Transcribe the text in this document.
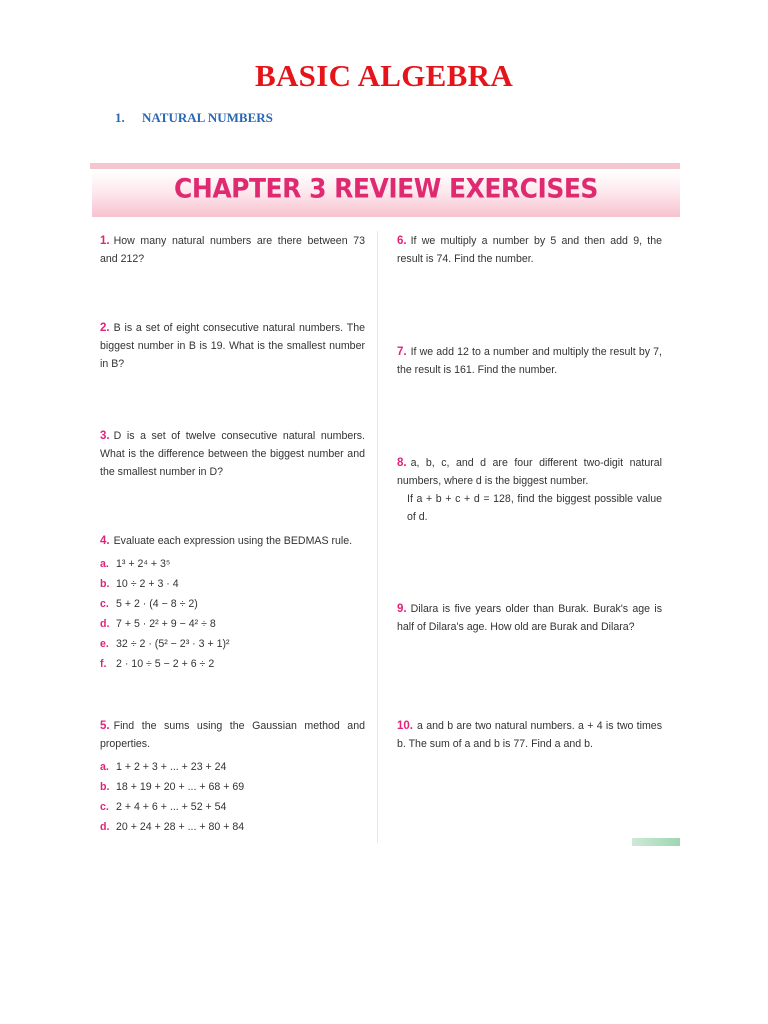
BASIC ALGEBRA
1. NATURAL NUMBERS
CHAPTER 3 REVIEW EXERCISES

1. How many natural numbers are there between 73 and 212?

2. B is a set of eight consecutive natural numbers. The biggest number in B is 19. What is the smallest number in B?

3. D is a set of twelve consecutive natural numbers. What is the difference between the biggest number and the smallest number in D?

4. Evaluate each expression using the BEDMAS rule.

a. 1³ + 2⁴ + 3⁵
b. 10 ÷ 2 + 3 · 4
c. 5 + 2 · (4 − 8 ÷ 2)
d. 7 + 5 · 2² + 9 − 4² ÷ 8
e. 32 ÷ 2 · (5² − 2³ · 3 + 1)²
f. 2 · 10 ÷ 5 − 2 + 6 ÷ 2

5. Find the sums using the Gaussian method and properties.

a. 1 + 2 + 3 + ... + 23 + 24
b. 18 + 19 + 20 + ... + 68 + 69
c. 2 + 4 + 6 + ... + 52 + 54
d. 20 + 24 + 28 + ... + 80 + 84

6. If we multiply a number by 5 and then add 9, the result is 74. Find the number.

7. If we add 12 to a number and multiply the result by 7, the result is 161. Find the number.

8. a, b, c, and d are four different two-digit natural numbers, where d is the biggest number.

If a + b + c + d = 128, find the biggest possible value of d.

9. Dilara is five years older than Burak. Burak's age is half of Dilara's age. How old are Burak and Dilara?

10. a and b are two natural numbers. a + 4 is two times b. The sum of a and b is 77. Find a and b.
